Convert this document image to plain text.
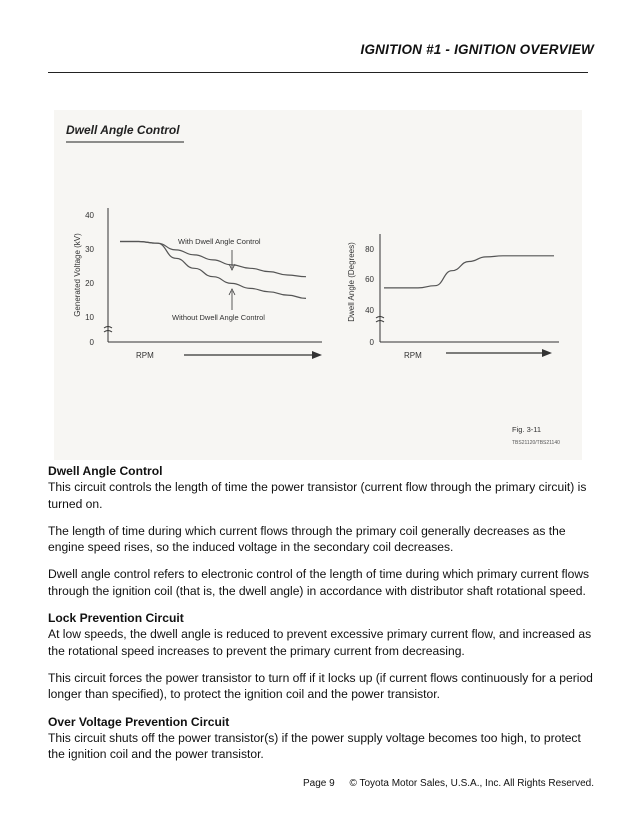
IGNITION #1 - IGNITION OVERVIEW
Dwell Angle Control
40
30
20
10
0
Generated Voltage (kV)
RPM
With Dwell Angle Control
Without Dwell Angle Control
80
60
40
0
Dwell Angle (Degrees)
RPM
Fig. 3-11
TBS21120/TBS21140
Dwell Angle Control

This circuit controls the length of time the power transistor (current flow through the primary circuit) is turned on.

The length of time during which current flows through the primary coil generally decreases as the engine speed rises, so the induced voltage in the secondary coil decreases.

Dwell angle control refers to electronic control of the length of time during which primary current flows through the ignition coil (that is, the dwell angle) in accordance with distributor shaft rotational speed.

Lock Prevention Circuit

At low speeds, the dwell angle is reduced to prevent excessive primary current flow, and increased as the rotational speed increases to prevent the primary current from decreasing.

This circuit forces the power transistor to turn off if it locks up (if current flows continuously for a period longer than specified), to protect the ignition coil and the power transistor.

Over Voltage Prevention Circuit

This circuit shuts off the power transistor(s) if the power supply voltage becomes too high, to protect the ignition coil and the power transistor.

Page 9 © Toyota Motor Sales, U.S.A., Inc. All Rights Reserved.
